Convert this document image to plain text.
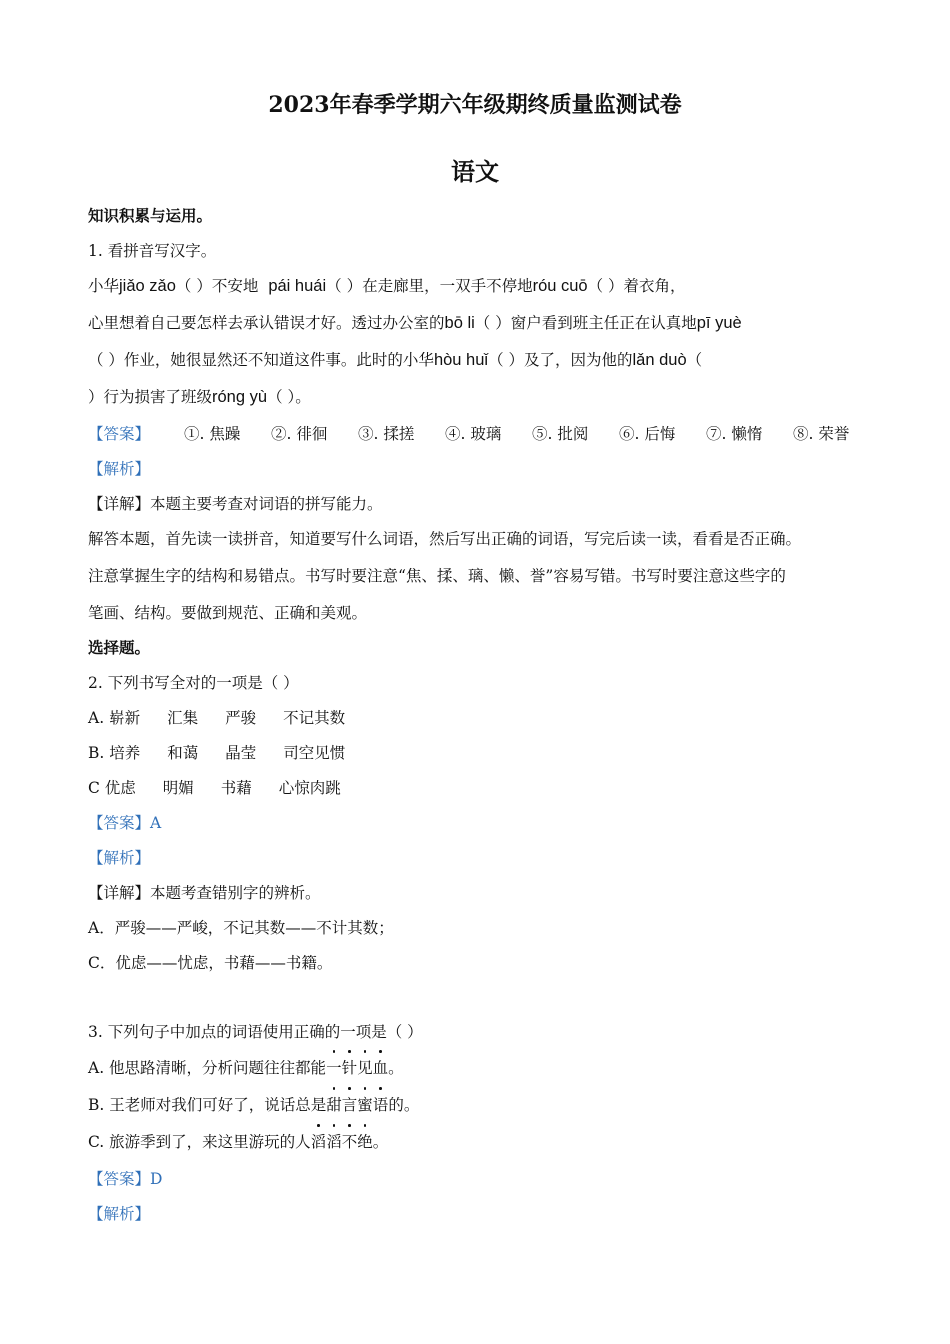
2023年春季学期六年级期终质量监测试卷
语文
知识积累与运用。
1. 看拼音写汉字。
小华jiǎo zǎo（ ）不安地 pái huái（ ）在走廊里，一双手不停地róu cuō（ ）着衣角，
心里想着自己要怎样去承认错误才好。透过办公室的bō li（ ）窗户看到班主任正在认真地pī yuè
（ ）作业，她很显然还不知道这件事。此时的小华hòu huǐ（ ）及了，因为他的lǎn duò（
）行为损害了班级róng yù（ ）。
【答案】 ①. 焦躁 ②. 徘徊 ③. 揉搓 ④. 玻璃 ⑤. 批阅 ⑥. 后悔 ⑦. 懒惰 ⑧. 荣誉
【解析】
【详解】本题主要考查对词语的拼写能力。
解答本题，首先读一读拼音，知道要写什么词语，然后写出正确的词语，写完后读一读，看看是否正确。
注意掌握生字的结构和易错点。书写时要注意“焦、揉、璃、懒、誉”容易写错。书写时要注意这些字的
笔画、结构。要做到规范、正确和美观。
选择题。
2. 下列书写全对的一项是（ ）
A. 崭新 汇集 严骏 不记其数
B. 培养 和蔼 晶莹 司空见惯
C 优虑 明媚 书藉 心惊肉跳
【答案】A
【解析】
【详解】本题考查错别字的辨析。
A．严骏——严峻，不记其数——不计其数；
C．优虑——忧虑，书藉——书籍。
3. 下列句子中加点的词语使用正确的一项是（ ）
A. 他思路清晰，分析问题往往都能一针见血。
B. 王老师对我们可好了，说话总是甜言蜜语的。
C. 旅游季到了，来这里游玩的人滔滔不绝。
【答案】D
【解析】
